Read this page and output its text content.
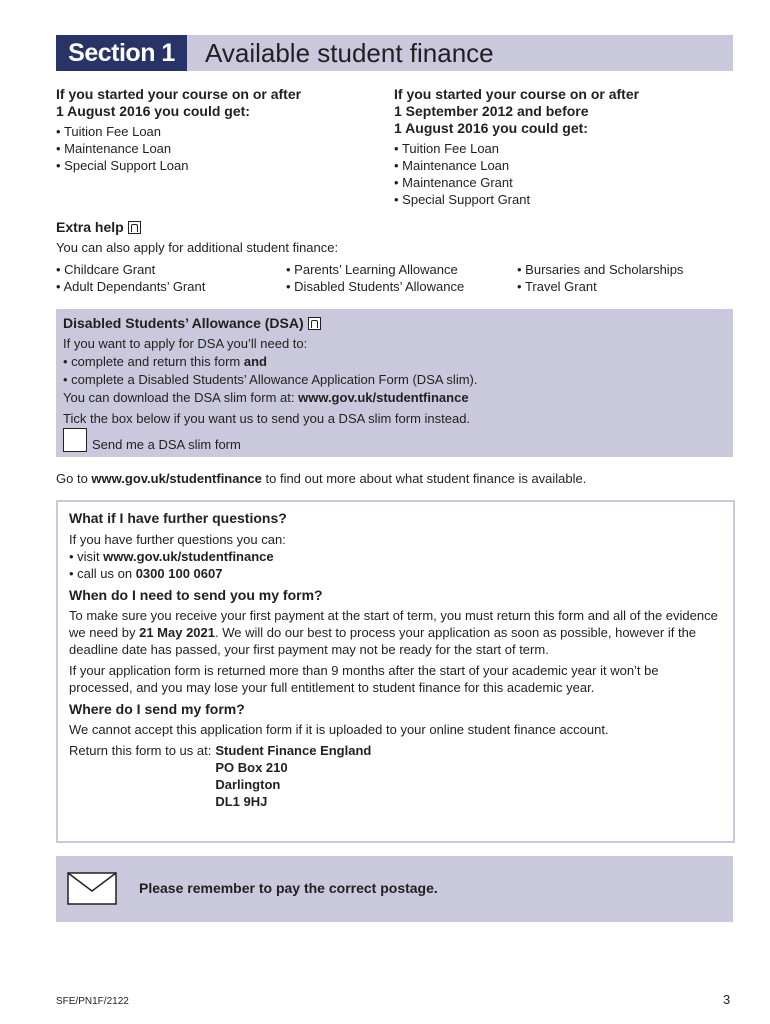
Section 1	Available student finance
If you started your course on or after
1 August 2016 you could get:
• Tuition Fee Loan
• Maintenance Loan
• Special Support Loan
If you started your course on or after
1 September 2012 and before
1 August 2016 you could get:
• Tuition Fee Loan
• Maintenance Loan
• Maintenance Grant
• Special Support Grant
Extra help
You can also apply for additional student finance:
• Childcare Grant
• Adult Dependants’ Grant
• Parents’ Learning Allowance
• Disabled Students’ Allowance
• Bursaries and Scholarships
• Travel Grant
Disabled Students’ Allowance (DSA)

If you want to apply for DSA you’ll need to:

• complete and return this form and

• complete a Disabled Students’ Allowance Application Form (DSA slim).

You can download the DSA slim form at: www.gov.uk/studentfinance

Tick the box below if you want us to send you a DSA slim form instead.

Send me a DSA slim form
Go to www.gov.uk/studentfinance to find out more about what student finance is available.
What if I have further questions?
If you have further questions you can:
• visit www.gov.uk/studentfinance
• call us on 0300 100 0607
When do I need to send you my form?
To make sure you receive your first payment at the start of term, you must return this form and all of the evidence we need by 21 May 2021. We will do our best to process your application as soon as possible, however if the deadline date has passed, your first payment may not be ready for the start of term.
If your application form is returned more than 9 months after the start of your academic year it won’t be processed, and you may lose your full entitlement to student finance for this academic year.
Where do I send my form?
We cannot accept this application form if it is uploaded to your online student finance account.
Return this form to us at: Student Finance England
PO Box 210
Darlington
DL1 9HJ
Please remember to pay the correct postage.
SFE/PN1F/2122	3
